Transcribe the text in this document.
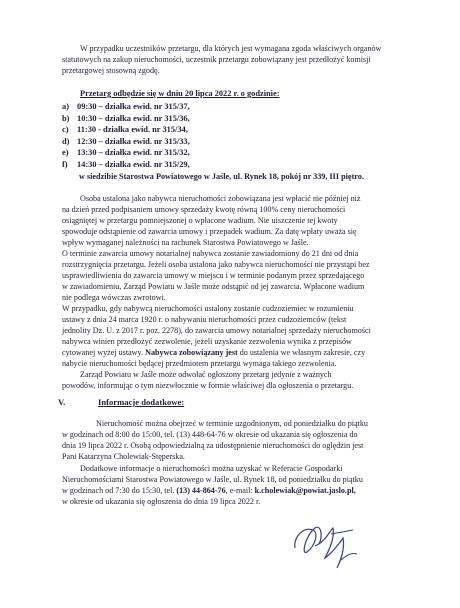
W przypadku uczestników przetargu, dla których jest wymagana zgoda właściwych organów
statutowych na zakup nieruchomości, uczestnik przetargu zobowiązany jest przedłożyć komisji
przetargowej stosowną zgodę.
Przetarg odbędzie się w dniu 20 lipca 2022 r. o godzinie:
a) 09:30 – działka ewid. nr 315/37,
b) 10:30 – działka ewid. nr 315/36,
c) 11:30 - działka ewid. nr 315/34,
d) 12:30 – działka ewid. nr 315/33,
e) 13:30 – działka ewid. nr 315/32,
f) 14:30 – działka ewid. nr 315/29,
w siedzibie Starostwa Powiatowego w Jaśle, ul. Rynek 18, pokój nr 339, III piętro.
Osoba ustalona jako nabywca nieruchomości zobowiązana jest wpłacić nie później niż
na dzień przed podpisaniem umowy sprzedaży kwotę równą 100% ceny nieruchomości
osiągniętej w przetargu pomniejszonej o wpłacone wadium. Nie uiszczenie tej kwoty
spowoduje odstąpienie od zawarcia umowy i przepadek wadium. Za datę wpłaty uważa się
wpływ wymaganej należności na rachunek Starostwa Powiatowego w Jaśle.
O terminie zawarcia umowy notarialnej nabywca zostanie zawiadomiony do 21 dni od dnia
rozstrzygnięcia przetargu. Jeżeli osoba ustalona jako nabywca nieruchomości nie przystąpi bez
usprawiedliwienia do zawarcia umowy w miejscu i w terminie podanym przez sprzedającego
w zawiadomieniu, Zarząd Powiatu w Jaśle może odstąpić od jej zawarcia. Wpłacone wadium
nie podlega wówczas zwrotowi.
W przypadku, gdy nabywcą nieruchomości ustalony zostanie cudzoziemiec w rozumieniu
ustawy z dnia 24 marca 1920 r. o nabywaniu nieruchomości przez cudzoziemców (tekst
jednolity Dz. U. z 2017 r. poz. 2278), do zawarcia umowy notarialnej sprzedaży nieruchomości
nabywca winien przedłożyć zezwolenie, jeżeli uzyskanie zezwolenia wynika z przepisów
cytowanej wyżej ustawy. Nabywca zobowiązany jest do ustalenia we własnym zakresie, czy
nabycie nieruchomości będącej przedmiotem przetargu wymaga takiego zezwolenia.
Zarząd Powiatu w Jaśle może odwołać ogłoszony przetarg jedynie z ważnych
powodów, informując o tym niezwłocznie w formie właściwej dla ogłoszenia o przetargu.
V.	Informacje dodatkowe:
Nieruchomość można obejrzeć w terminie uzgodnionym, od poniedziałku do piątku
w godzinach od 8:00 do 15:00, tel. (13) 448-64-76 w okresie od ukazania się ogłoszenia do
dnia 19 lipca 2022 r. Osobą odpowiedzialną za udostępnienie nieruchomości do oględzin jest
Pani Katarzyna Cholewiak-Stęperska.
Dodatkowe informacje o nieruchomości można uzyskać w Referacie Gospodarki
Nieruchomościami Starostwa Powiatowego w Jaśle, ul. Rynek 18, od poniedziałku do piątku
w godzinach od 7:30 do 15:30, tel. (13) 44-864-76, e-mail: k.cholewiak@powiat.jaslo.pl,
w okresie od ukazania się ogłoszenia do dnia 19 lipca 2022 r.
